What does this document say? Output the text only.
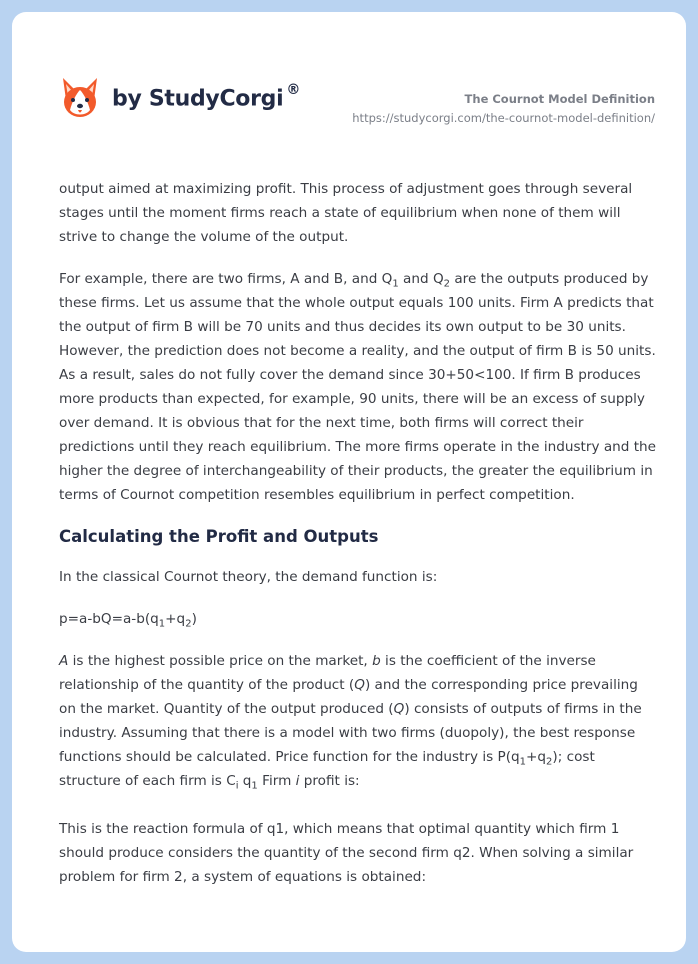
by StudyCorgi ®
The Cournot Model Definition
https://studycorgi.com/the-cournot-model-definition/

output aimed at maximizing profit. This process of adjustment goes through several stages until the moment firms reach a state of equilibrium when none of them will strive to change the volume of the output.

For example, there are two firms, A and B, and $Q_1$ and $Q_2$ are the outputs produced by these firms. Let us assume that the whole output equals 100 units. Firm A predicts that the output of firm B will be 70 units and thus decides its own output to be 30 units. However, the prediction does not become a reality, and the output of firm B is 50 units. As a result, sales do not fully cover the demand since 30+50<100. If firm B produces more products than expected, for example, 90 units, there will be an excess of supply over demand. It is obvious that for the next time, both firms will correct their predictions until they reach equilibrium. The more firms operate in the industry and the higher the degree of interchangeability of their products, the greater the equilibrium in terms of Cournot competition resembles equilibrium in perfect competition.

Calculating the Profit and Outputs

In the classical Cournot theory, the demand function is:

$p=a-bQ=a-b(q_1+q_2)$

A is the highest possible price on the market, b is the coefficient of the inverse relationship of the quantity of the product (Q) and the corresponding price prevailing on the market. Quantity of the output produced (Q) consists of outputs of firms in the industry. Assuming that there is a model with two firms (duopoly), the best response functions should be calculated. Price function for the industry is $P(q_1+q_2)$; cost structure of each firm is $C_i$ $q_1$ Firm i profit is:

This is the reaction formula of q1, which means that optimal quantity which firm 1 should produce considers the quantity of the second firm q2. When solving a similar problem for firm 2, a system of equations is obtained:
